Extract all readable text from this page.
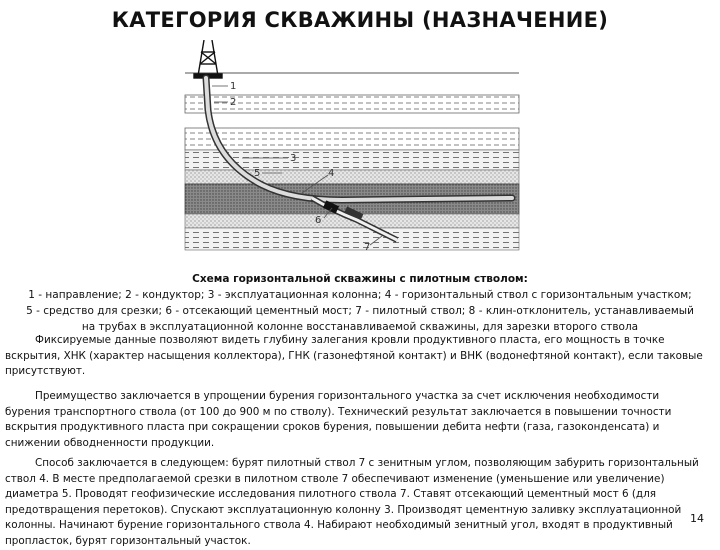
КАТЕГОРИЯ СКВАЖИНЫ (НАЗНАЧЕНИЕ)
1
2
3
4
5
6
7
Схема горизонтальной скважины с пилотным стволом:
1 - направление; 2 - кондуктор; 3 - эксплуатационная колонна; 4 - горизонтальный ствол с горизонтальным участком;
5 - средство для срезки; 6 - отсекающий цементный мост; 7 - пилотный ствол; 8 - клин-отклонитель, устанавливаемый
на трубах в эксплуатационной колонне восстанавливаемой скважины, для зарезки второго ствола
Фиксируемые данные позволяют видеть глубину залегания кровли продуктивного пласта, его мощность в точке вскрытия, ХНК (характер насыщения коллектора), ГНК (газонефтяной контакт) и ВНК (водонефтяной контакт), если таковые присутствуют.
Преимущество заключается в упрощении бурения горизонтального участка за счет исключения необходимости бурения транспортного ствола (от 100 до 900 м по стволу). Технический результат заключается в повышении точности вскрытия продуктивного пласта при сокращении сроков бурения, повышении дебита нефти (газа, газоконденсата) и снижении обводненности продукции.
Способ заключается в следующем: бурят пилотный ствол 7 с зенитным углом, позволяющим забурить горизонтальный ствол 4. В месте предполагаемой срезки в пилотном стволе 7 обеспечивают изменение (уменьшение или увеличение) диаметра 5. Проводят геофизические исследования пилотного ствола 7. Ставят отсекающий цементный мост 6 (для предотвращения перетоков). Спускают эксплуатационную колонну 3. Производят цементную заливку эксплуатационной колонны. Начинают бурение горизонтального ствола 4. Набирают необходимый зенитный угол, входят в продуктивный пропласток, бурят горизонтальный участок.
14
